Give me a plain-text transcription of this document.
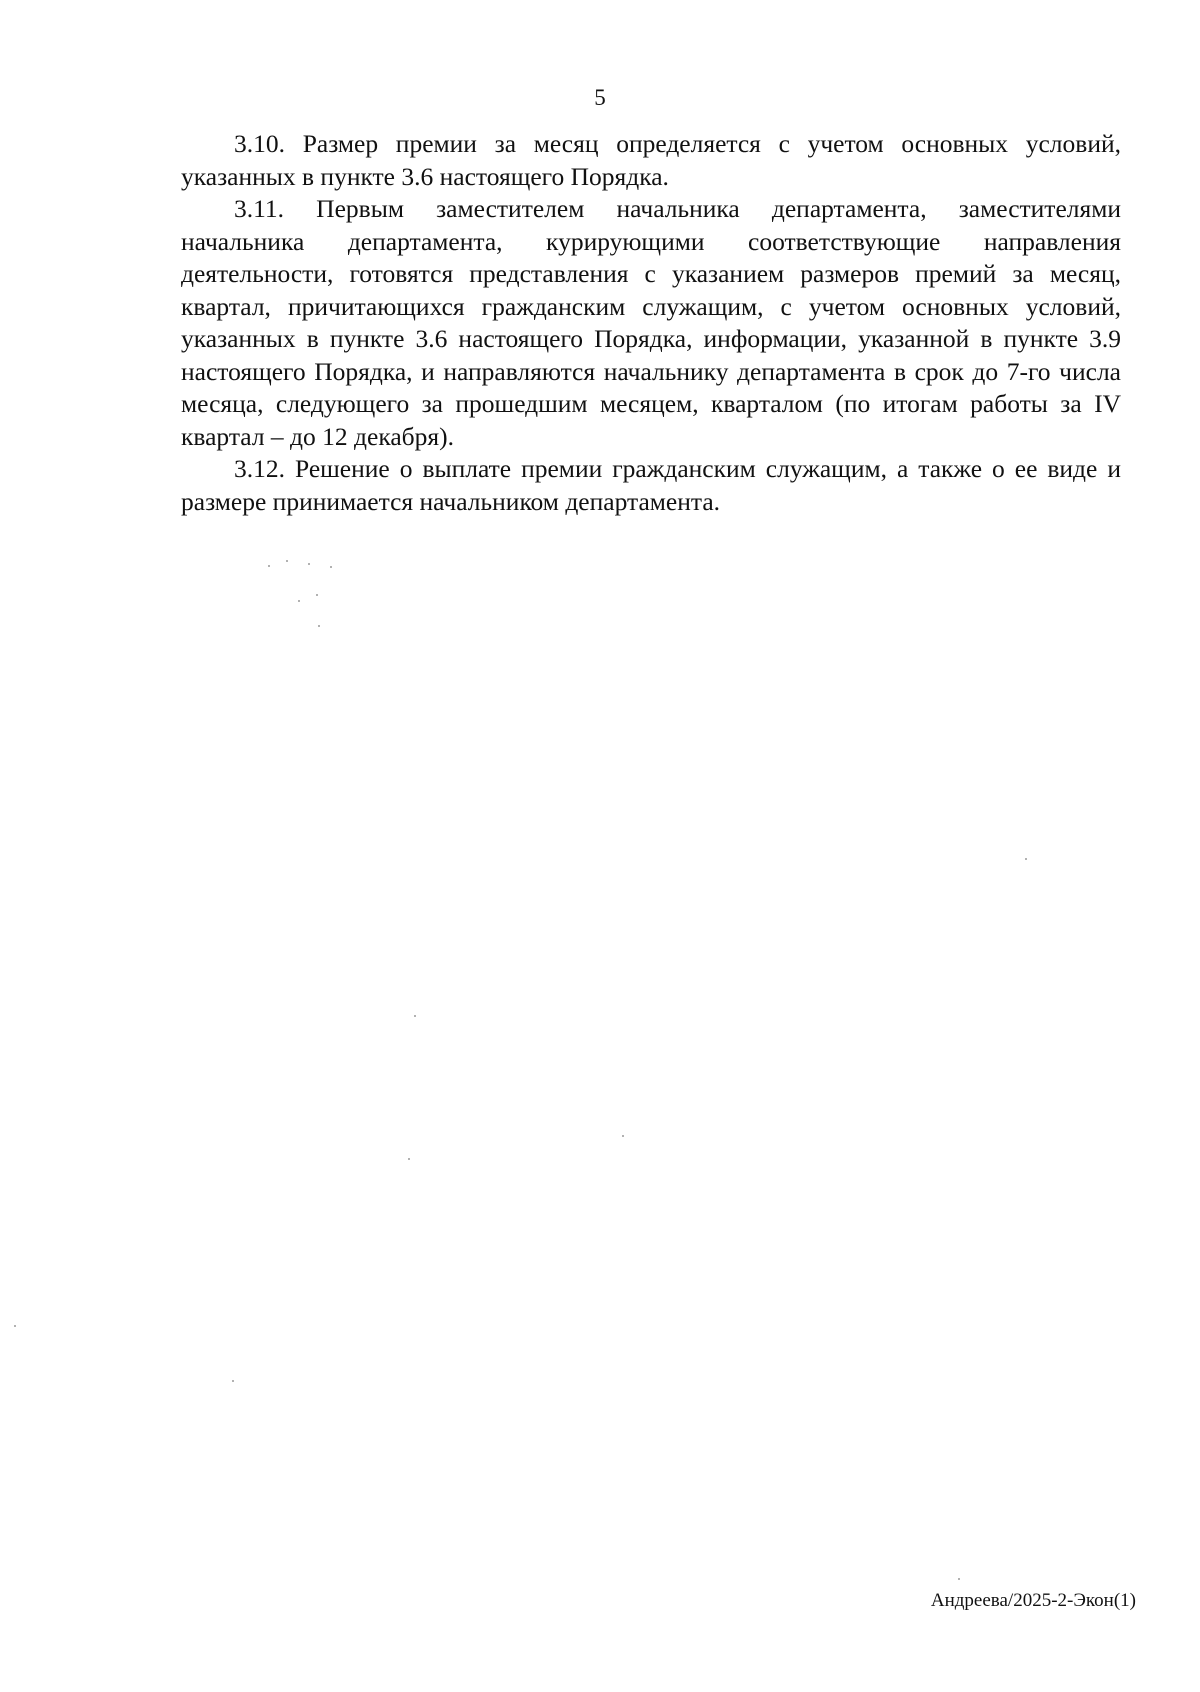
5

3.10. Размер премии за месяц определяется с учетом основных условий, указанных в пункте 3.6 настоящего Порядка.

3.11. Первым заместителем начальника департамента, заместителями начальника департамента, курирующими соответствующие направления деятельности, готовятся представления с указанием размеров премий за месяц, квартал, причитающихся гражданским служащим, с учетом основных условий, указанных в пункте 3.6 настоящего Порядка, информации, указанной в пункте 3.9 настоящего Порядка, и направляются начальнику департамента в срок до 7-го числа месяца, следующего за прошедшим месяцем, кварталом (по итогам работы за IV квартал – до 12 декабря).

3.12. Решение о выплате премии гражданским служащим, а также о ее виде и размере принимается начальником департамента.

Андреева/2025-2-Экон(1)
